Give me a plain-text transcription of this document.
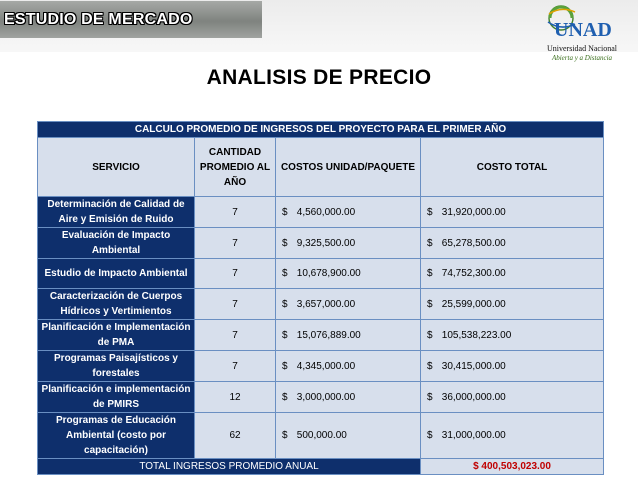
ESTUDIO DE MERCADO	UNAD
Universidad Nacional
Abierta y a Distancia
ANALISIS DE PRECIO
CALCULO PROMEDIO DE INGRESOS DEL PROYECTO PARA EL PRIMER AÑO			
SERVICIO	CANTIDAD PROMEDIO AL AÑO	COSTOS UNIDAD/PAQUETE	COSTO TOTAL
Determinación de Calidad de Aire y Emisión de Ruido	7	$ 4,560,000.00	$ 31,920,000.00
Evaluación de Impacto Ambiental	7	$ 9,325,500.00	$ 65,278,500.00
Estudio de Impacto Ambiental	7	$ 10,678,900.00	$ 74,752,300.00
Caracterización de Cuerpos Hídricos y Vertimientos	7	$ 3,657,000.00	$ 25,599,000.00
Planificación e Implementación de PMA	7	$ 15,076,889.00	$ 105,538,223.00
Programas Paisajísticos y forestales	7	$ 4,345,000.00	$ 30,415,000.00
Planificación e implementación de PMIRS	12	$ 3,000,000.00	$ 36,000,000.00
Programas de Educación Ambiental (costo por capacitación)	62	$ 500,000.00	$ 31,000,000.00
TOTAL INGRESOS PROMEDIO ANUAL			$ 400,503,023.00
